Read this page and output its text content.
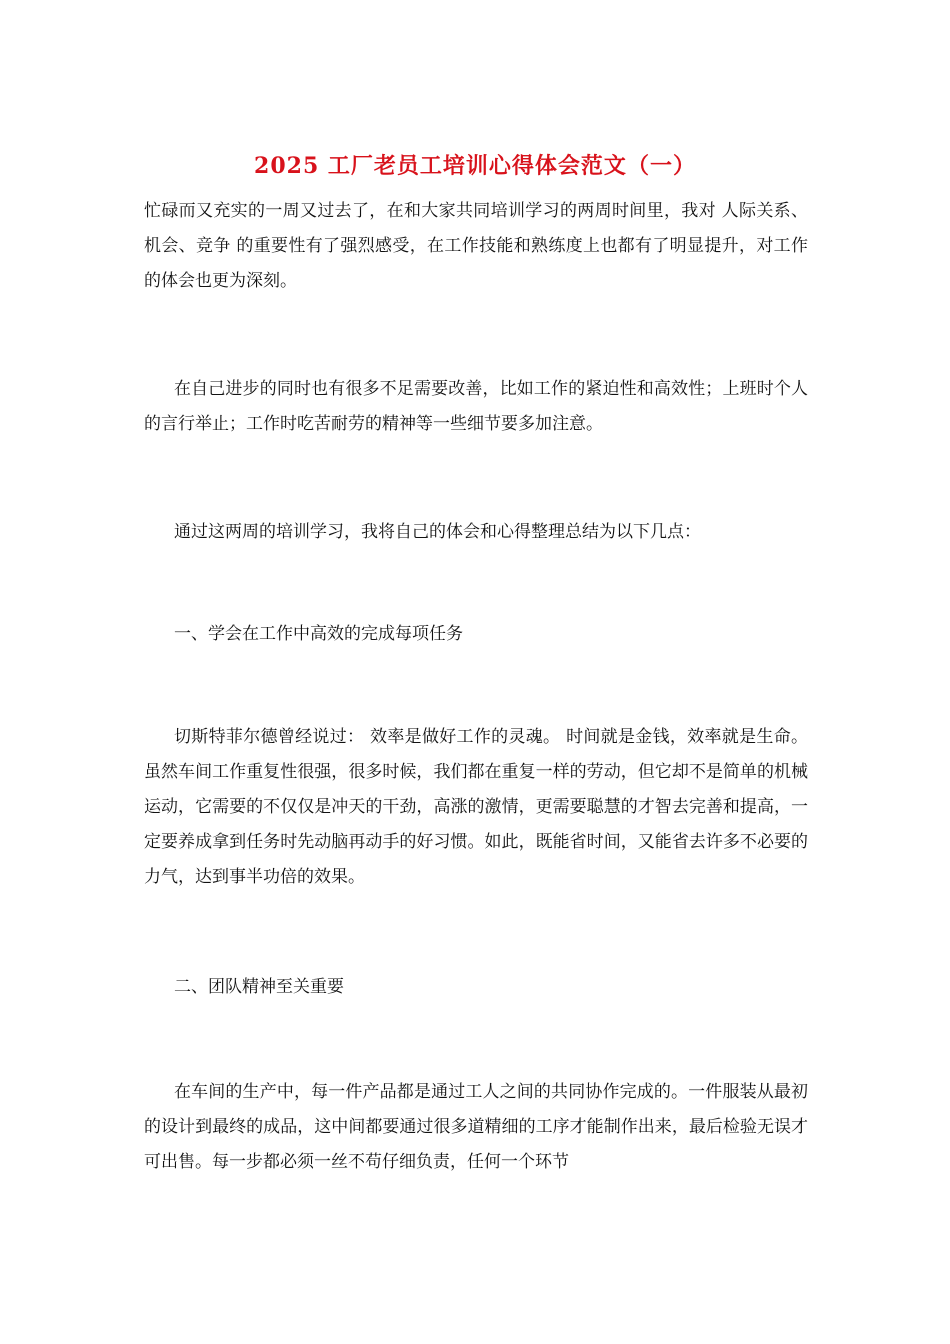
2025 工厂老员工培训心得体会范文（一）

忙碌而又充实的一周又过去了，在和大家共同培训学习的两周时间里，我对 人际关系、机会、竞争 的重要性有了强烈感受，在工作技能和熟练度上也都有了明显提升，对工作的体会也更为深刻。

在自己进步的同时也有很多不足需要改善，比如工作的紧迫性和高效性；上班时个人的言行举止；工作时吃苦耐劳的精神等一些细节要多加注意。

通过这两周的培训学习，我将自己的体会和心得整理总结为以下几点：

一、学会在工作中高效的完成每项任务

切斯特菲尔德曾经说过： 效率是做好工作的灵魂。 时间就是金钱，效率就是生命。虽然车间工作重复性很强，很多时候，我们都在重复一样的劳动，但它却不是简单的机械运动，它需要的不仅仅是冲天的干劲，高涨的激情，更需要聪慧的才智去完善和提高，一定要养成拿到任务时先动脑再动手的好习惯。如此，既能省时间，又能省去许多不必要的力气，达到事半功倍的效果。

二、团队精神至关重要

在车间的生产中，每一件产品都是通过工人之间的共同协作完成的。一件服装从最初的设计到最终的成品，这中间都要通过很多道精细的工序才能制作出来，最后检验无误才可出售。每一步都必须一丝不苟仔细负责，任何一个环节
